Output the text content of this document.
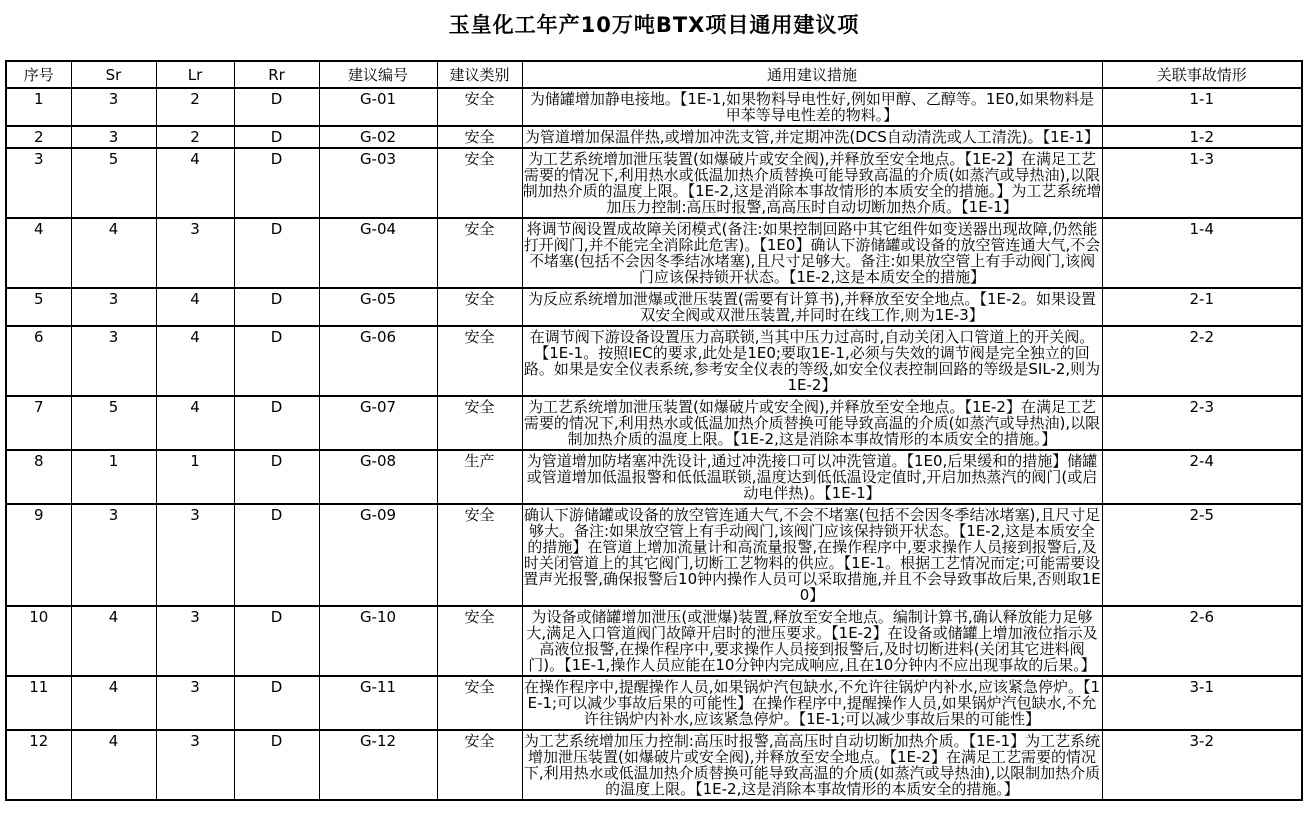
玉皇化工年产10万吨BTX项目通用建议项
序号	Sr	Lr	Rr	建议编号	建议类别	通用建议措施	关联事故情形
1	3	2	D	G-01	安全	为储罐增加静电接地。【1E-1,如果物料导电性好,例如甲醇、乙醇等。1E0,如果物料是甲苯等导电性差的物料。】	1-1
2	3	2	D	G-02	安全	为管道增加保温伴热,或增加冲洗支管,并定期冲洗(DCS自动清洗或人工清洗)。【1E-1】	1-2
3	5	4	D	G-03	安全	为工艺系统增加泄压装置(如爆破片或安全阀),并释放至安全地点。【1E-2】在满足工艺需要的情况下,利用热水或低温加热介质替换可能导致高温的介质(如蒸汽或导热油),以限制加热介质的温度上限。【1E-2,这是消除本事故情形的本质安全的措施。】为工艺系统增加压力控制:高压时报警,高高压时自动切断加热介质。【1E-1】	1-3
4	4	3	D	G-04	安全	将调节阀设置成故障关闭模式(备注:如果控制回路中其它组件如变送器出现故障,仍然能打开阀门,并不能完全消除此危害)。【1E0】确认下游储罐或设备的放空管连通大气,不会不堵塞(包括不会因冬季结冰堵塞),且尺寸足够大。备注:如果放空管上有手动阀门,该阀门应该保持锁开状态。【1E-2,这是本质安全的措施】	1-4
5	3	4	D	G-05	安全	为反应系统增加泄爆或泄压装置(需要有计算书),并释放至安全地点。【1E-2。如果设置双安全阀或双泄压装置,并同时在线工作,则为1E-3】	2-1
6	3	4	D	G-06	安全	在调节阀下游设备设置压力高联锁,当其中压力过高时,自动关闭入口管道上的开关阀。【1E-1。按照IEC的要求,此处是1E0;要取1E-1,必须与失效的调节阀是完全独立的回路。如果是安全仪表系统,参考安全仪表的等级,如安全仪表控制回路的等级是SIL-2,则为1E-2】	2-2
7	5	4	D	G-07	安全	为工艺系统增加泄压装置(如爆破片或安全阀),并释放至安全地点。【1E-2】在满足工艺需要的情况下,利用热水或低温加热介质替换可能导致高温的介质(如蒸汽或导热油),以限制加热介质的温度上限。【1E-2,这是消除本事故情形的本质安全的措施。】	2-3
8	1	1	D	G-08	生产	为管道增加防堵塞冲洗设计,通过冲洗接口可以冲洗管道。【1E0,后果缓和的措施】储罐或管道增加低温报警和低低温联锁,温度达到低低温设定值时,开启加热蒸汽的阀门(或启动电伴热)。【1E-1】	2-4
9	3	3	D	G-09	安全	确认下游储罐或设备的放空管连通大气,不会不堵塞(包括不会因冬季结冰堵塞),且尺寸足够大。备注:如果放空管上有手动阀门,该阀门应该保持锁开状态。【1E-2,这是本质安全的措施】在管道上增加流量计和高流量报警,在操作程序中,要求操作人员接到报警后,及时关闭管道上的其它阀门,切断工艺物料的供应。【1E-1。根据工艺情况而定;可能需要设置声光报警,确保报警后10钟内操作人员可以采取措施,并且不会导致事故后果,否则取1E0】	2-5
10	4	3	D	G-10	安全	为设备或储罐增加泄压(或泄爆)装置,释放至安全地点。编制计算书,确认释放能力足够大,满足入口管道阀门故障开启时的泄压要求。【1E-2】在设备或储罐上增加液位指示及高液位报警,在操作程序中,要求操作人员接到报警后,及时切断进料(关闭其它进料阀门)。【1E-1,操作人员应能在10分钟内完成响应,且在10分钟内不应出现事故的后果。】	2-6
11	4	3	D	G-11	安全	在操作程序中,提醒操作人员,如果锅炉汽包缺水,不允许往锅炉内补水,应该紧急停炉。【1E-1;可以减少事故后果的可能性】在操作程序中,提醒操作人员,如果锅炉汽包缺水,不允许往锅炉内补水,应该紧急停炉。【1E-1;可以减少事故后果的可能性】	3-1
12	4	3	D	G-12	安全	为工艺系统增加压力控制:高压时报警,高高压时自动切断加热介质。【1E-1】为工艺系统增加泄压装置(如爆破片或安全阀),并释放至安全地点。【1E-2】在满足工艺需要的情况下,利用热水或低温加热介质替换可能导致高温的介质(如蒸汽或导热油),以限制加热介质的温度上限。【1E-2,这是消除本事故情形的本质安全的措施。】	3-2
